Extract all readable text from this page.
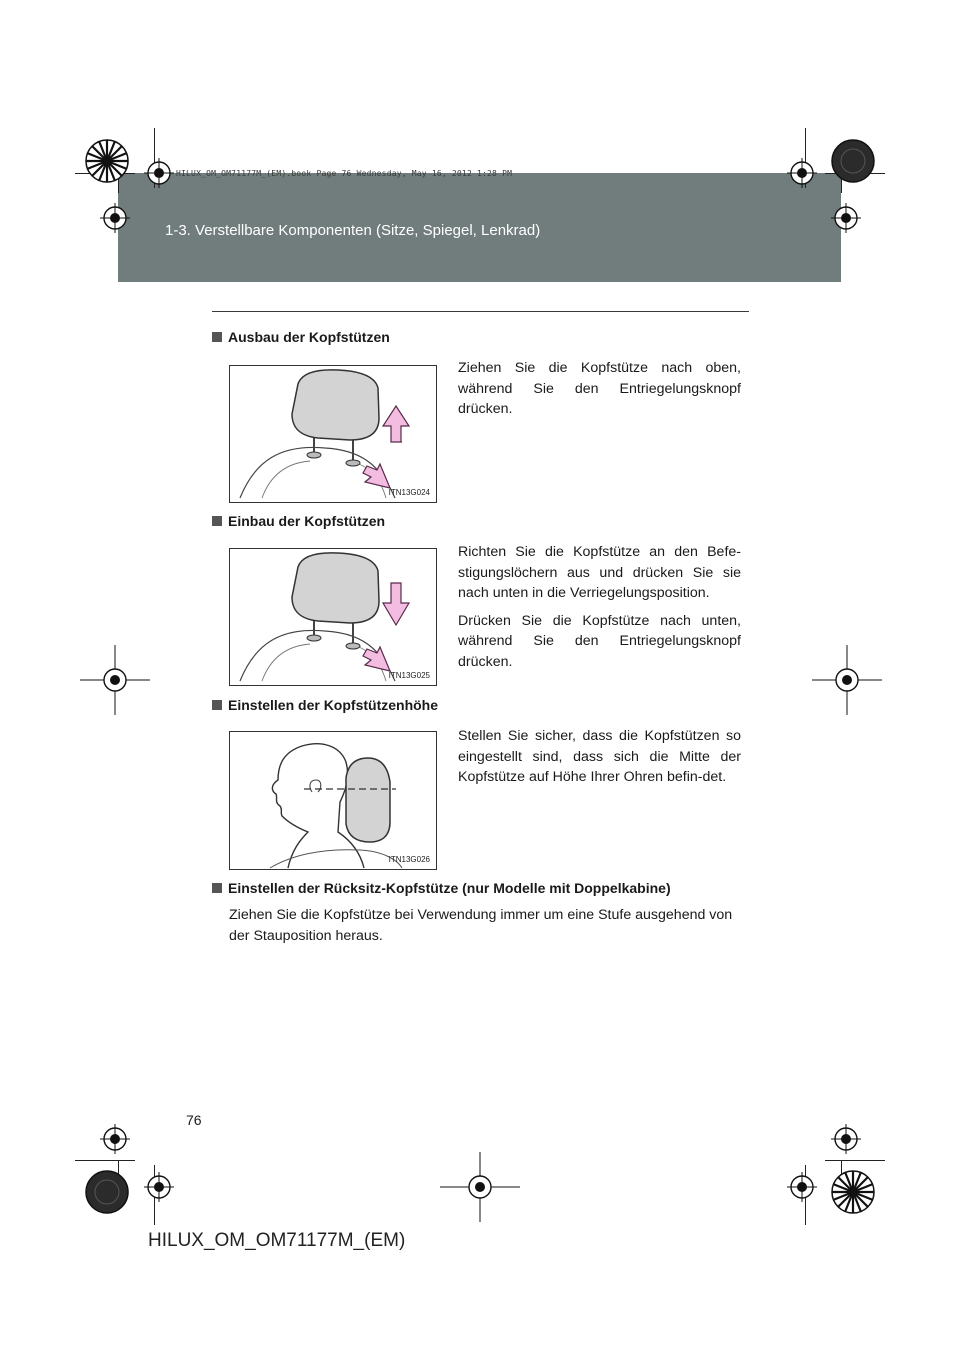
1-3. Verstellbare Komponenten (Sitze, Spiegel, Lenkrad)
HILUX_OM_OM71177M_(EM).book Page 76 Wednesday, May 16, 2012 1:28 PM
Ausbau der Kopfstützen

Ziehen Sie die Kopfstütze nach oben, während Sie den Entriegelungsknopf drücken.

ITN13G024
Einbau der Kopfstützen

Richten Sie die Kopfstütze an den Befe-stigungslöchern aus und drücken Sie sie nach unten in die Verriegelungsposition.

Drücken Sie die Kopfstütze nach unten, während Sie den Entriegelungsknopf drücken.

ITN13G025
Einstellen der Kopfstützenhöhe

Stellen Sie sicher, dass die Kopfstützen so eingestellt sind, dass sich die Mitte der Kopfstütze auf Höhe Ihrer Ohren befin-det.

ITN13G026
Einstellen der Rücksitz-Kopfstütze (nur Modelle mit Doppelkabine)
Ziehen Sie die Kopfstütze bei Verwendung immer um eine Stufe ausgehend von der Stauposition heraus.
76
HILUX_OM_OM71177M_(EM)
